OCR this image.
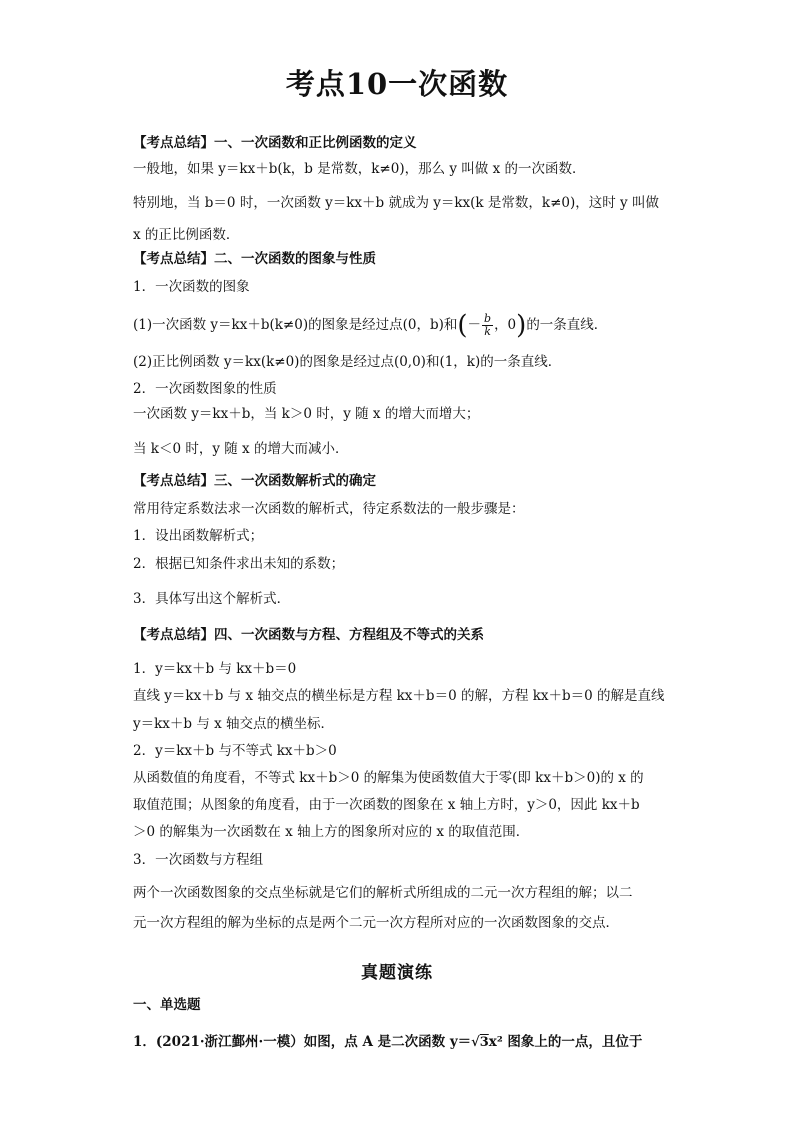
考点10一次函数
【考点总结】一、一次函数和正比例函数的定义
一般地，如果 y＝kx＋b(k，b 是常数，k≠0)，那么 y 叫做 x 的一次函数．
特别地，当 b＝0 时，一次函数 y＝kx＋b 就成为 y＝kx(k 是常数，k≠0)，这时 y 叫做
x 的正比例函数．
【考点总结】二、一次函数的图象与性质
1．一次函数的图象
(1)一次函数 y＝kx＋b(k≠0)的图象是经过点(0，b)和(－ $\frac{b}{k}$ ，0)的一条直线．
(2)正比例函数 y＝kx(k≠0)的图象是经过点(0,0)和(1，k)的一条直线．
2．一次函数图象的性质
一次函数 y＝kx＋b，当 k＞0 时，y 随 x 的增大而增大；
当 k＜0 时，y 随 x 的增大而减小．
【考点总结】三、一次函数解析式的确定
常用待定系数法求一次函数的解析式，待定系数法的一般步骤是：
1．设出函数解析式；
2．根据已知条件求出未知的系数；
3．具体写出这个解析式．
【考点总结】四、一次函数与方程、方程组及不等式的关系
1．y＝kx＋b 与 kx＋b＝0
直线 y＝kx＋b 与 x 轴交点的横坐标是方程 kx＋b＝0 的解，方程 kx＋b＝0 的解是直线
y＝kx＋b 与 x 轴交点的横坐标．
2．y＝kx＋b 与不等式 kx＋b＞0
从函数值的角度看，不等式 kx＋b＞0 的解集为使函数值大于零(即 kx＋b＞0)的 x 的
取值范围；从图象的角度看，由于一次函数的图象在 x 轴上方时，y＞0，因此 kx＋b
＞0 的解集为一次函数在 x 轴上方的图象所对应的 x 的取值范围．
3．一次函数与方程组
两个一次函数图象的交点坐标就是它们的解析式所组成的二元一次方程组的解；以二
元一次方程组的解为坐标的点是两个二元一次方程所对应的一次函数图象的交点．
真题演练
一、单选题
1．(2021·浙江鄞州·一模）如图，点 A 是二次函数 y＝√3x² 图象上的一点，且位于
